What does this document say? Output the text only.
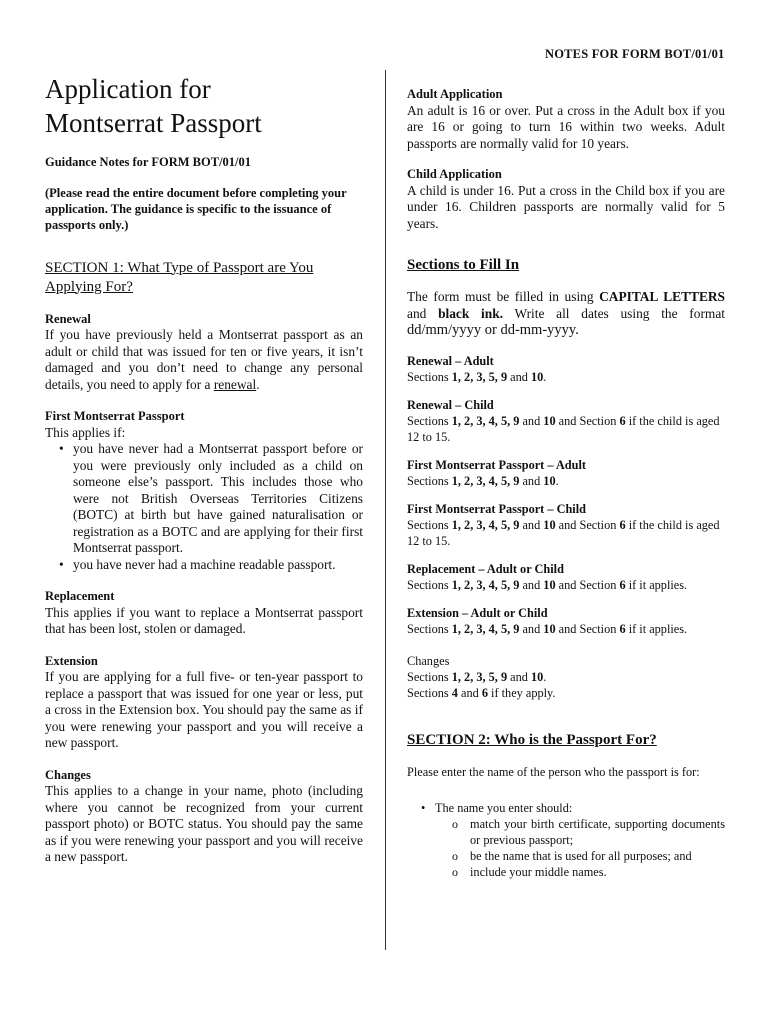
NOTES FOR FORM BOT/01/01
Application for
Montserrat Passport
Guidance Notes for FORM BOT/01/01
(Please read the entire document before completing your application. The guidance is specific to the issuance of passports only.)
SECTION 1: What Type of Passport are You Applying For?
Renewal

If you have previously held a Montserrat passport as an adult or child that was issued for ten or five years, it isn’t damaged and you don’t need to change any personal details, you need to apply for a renewal.

First Montserrat Passport

This applies if:

• you have never had a Montserrat passport before or you were previously only included as a child on someone else’s passport. This includes those who were not British Overseas Territories Citizens (BOTC) at birth but have gained naturalisation or registration as a BOTC and are applying for their first Montserrat passport.
• you have never had a machine readable passport.
Replacement

This applies if you want to replace a Montserrat passport that has been lost, stolen or damaged.

Extension

If you are applying for a full five- or ten-year passport to replace a passport that was issued for one year or less, put a cross in the Extension box. You should pay the same as if you were renewing your passport and you will receive a new passport.

Changes

This applies to a change in your name, photo (including where you cannot be recognized from your current passport photo) or BOTC status. You should pay the same as if you were renewing your passport and you will receive a new passport.

Adult Application

An adult is 16 or over. Put a cross in the Adult box if you are 16 or going to turn 16 within two weeks. Adult passports are normally valid for 10 years.

Child Application

A child is under 16. Put a cross in the Child box if you are under 16. Children passports are normally valid for 5 years.

Sections to Fill In

The form must be filled in using CAPITAL LETTERS and black ink. Write all dates using the format dd/mm/yyyy or dd-mm-yyyy.

Renewal – Adult
Sections 1, 2, 3, 5, 9 and 10.
Renewal – Child
Sections 1, 2, 3, 4, 5, 9 and 10 and Section 6 if the child is aged 12 to 15.
First Montserrat Passport – Adult
Sections 1, 2, 3, 4, 5, 9 and 10.
First Montserrat Passport – Child
Sections 1, 2, 3, 4, 5, 9 and 10 and Section 6 if the child is aged 12 to 15.
Replacement – Adult or Child
Sections 1, 2, 3, 4, 5, 9 and 10 and Section 6 if it applies.
Extension – Adult or Child
Sections 1, 2, 3, 4, 5, 9 and 10 and Section 6 if it applies.
Changes
Sections 1, 2, 3, 5, 9 and 10.
Sections 4 and 6 if they apply.
SECTION 2: Who is the Passport For?

Please enter the name of the person who the passport is for:

• The name you enter should:
o match your birth certificate, supporting documents or previous passport;
o be the name that is used for all purposes; and
o include your middle names.
